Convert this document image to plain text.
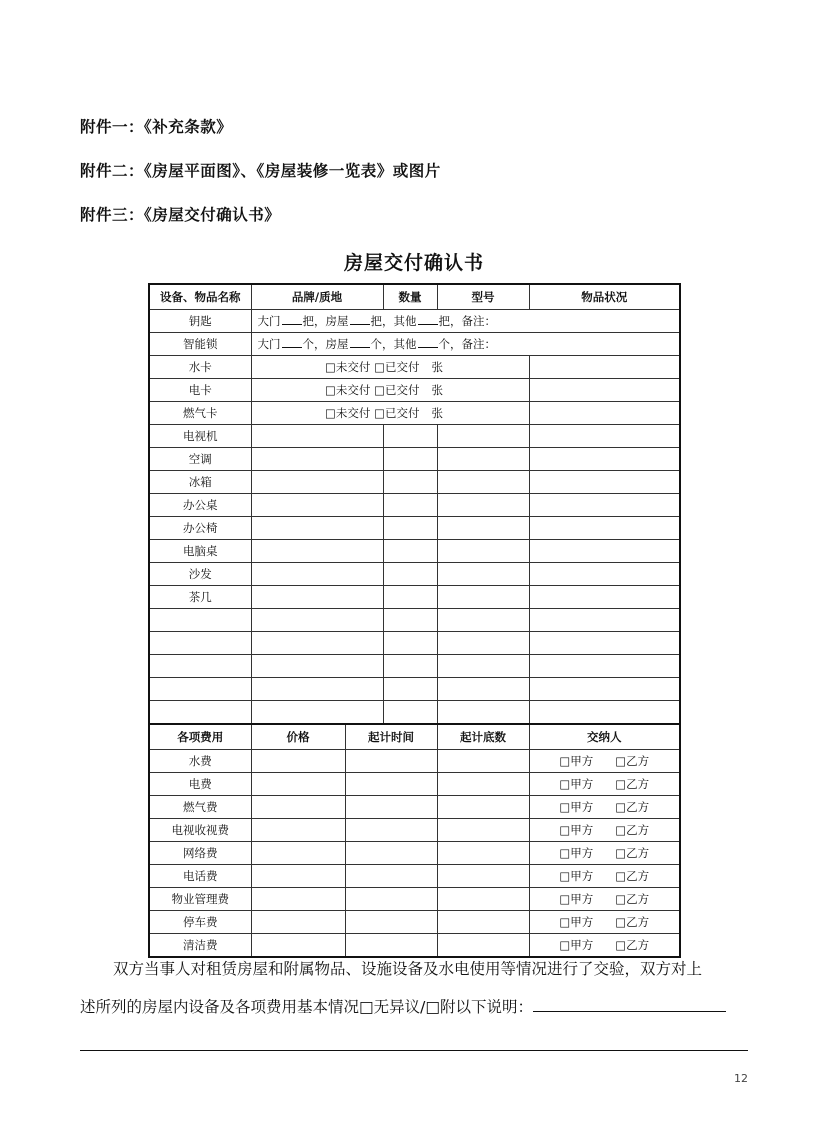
附件一：《补充条款》
附件二：《房屋平面图》、《房屋装修一览表》或图片
附件三：《房屋交付确认书》
房屋交付确认书
设备、物品名称	品牌/质地		数量	型号	物品状况
钥匙	大门 把，房屋 把，其他 把，备注：				
智能锁	大门 个，房屋 个，其他 个，备注：				
水卡	□未交付 □已交付 张				
电卡	□未交付 □已交付 张				
燃气卡	□未交付 □已交付 张				
电视机					
空调					
冰箱					
办公桌					
办公椅					
电脑桌					
沙发					
茶几					

各项费用	价格	起计时间		起计底数	交纳人
水费					□甲方 □乙方
电费					□甲方 □乙方
燃气费					□甲方 □乙方
电视收视费					□甲方 □乙方
网络费					□甲方 □乙方
电话费					□甲方 □乙方
物业管理费					□甲方 □乙方
停车费					□甲方 □乙方
清洁费					□甲方 □乙方
双方当事人对租赁房屋和附属物品、设施设备及水电使用等情况进行了交验，双方对上
述所列的房屋内设备及各项费用基本情况□无异议/□附以下说明：
12
